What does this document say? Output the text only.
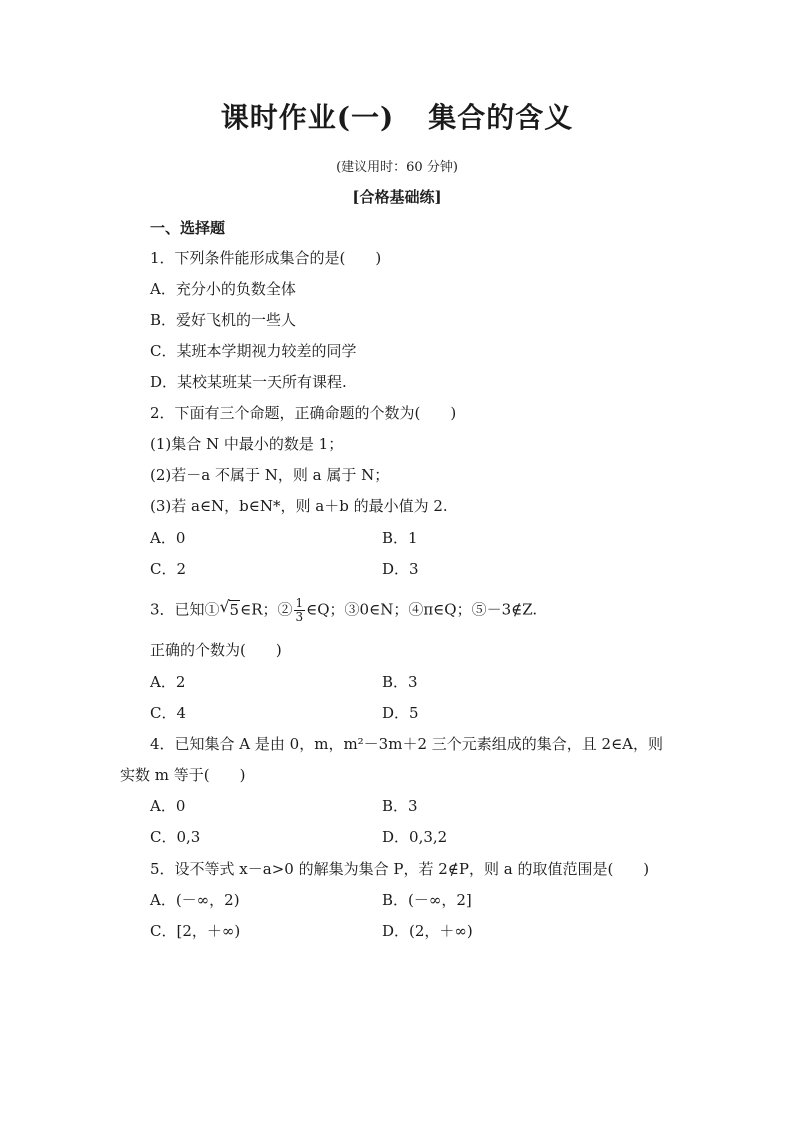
课时作业(一) 集合的含义
(建议用时：60 分钟)
[合格基础练]
一、选择题
1．下列条件能形成集合的是(　　)
A．充分小的负数全体
B．爱好飞机的一些人
C．某班本学期视力较差的同学
D．某校某班某一天所有课程.
2．下面有三个命题，正确命题的个数为(　　)
(1)集合 N 中最小的数是 1；
(2)若－a 不属于 N，则 a 属于 N；
(3)若 a∈N，b∈N*，则 a＋b 的最小值为 2.
A．0	B．1
C．2	D．3
3．已知① √ 5∈R；② $\frac{1}{3}$ ∈Q；③0∈N；④π∈Q；⑤－3∉Z.
正确的个数为(　　)
A．2	B．3
C．4	D．5
4．已知集合 A 是由 0，m，m²－3m＋2 三个元素组成的集合，且 2∈A，则
实数 m 等于(　　)
A．0	B．3
C．0,3	D．0,3,2
5．设不等式 x－a>0 的解集为集合 P，若 2∉P，则 a 的取值范围是(　　)
A．(－∞，2)	B．(－∞，2]
C．[2，＋∞)	D．(2，＋∞)
